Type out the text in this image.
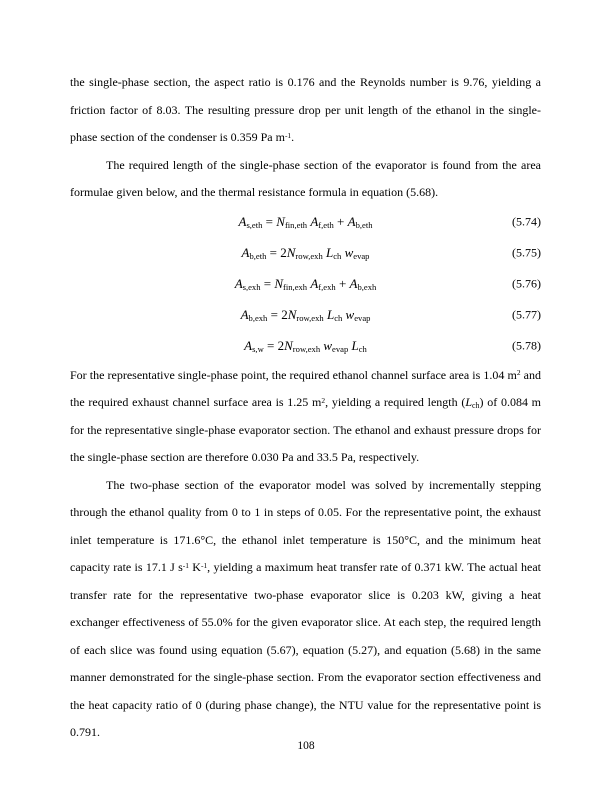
the single-phase section, the aspect ratio is 0.176 and the Reynolds number is 9.76, yielding a friction factor of 8.03. The resulting pressure drop per unit length of the ethanol in the single-phase section of the condenser is 0.359 Pa $m^{-1}$.

The required length of the single-phase section of the evaporator is found from the area formulae given below, and the thermal resistance formula in equation (5.68).

$A_{s,eth} = N_{fin,eth}$ $A_{f,eth} + A_{b,eth}$	(5.74)
$A_{b,eth} = 2N_{row,exh}$ $L_{ch}$ $w_{evap}$	(5.75)
$A_{s,exh} = N_{fin,exh}$ $A_{f,exh} + A_{b,exh}$	(5.76)
$A_{b,exh} = 2N_{row,exh}$ $L_{ch}$ $w_{evap}$	(5.77)
$A_{s,w} = 2N_{row,exh}$ $w_{evap}$ $L_{ch}$	(5.78)

For the representative single-phase point, the required ethanol channel surface area is 1.04 $m^2$ and the required exhaust channel surface area is 1.25 $m^2$, yielding a required length $(L_{ch})$ of 0.084 m for the representative single-phase evaporator section. The ethanol and exhaust pressure drops for the single-phase section are therefore 0.030 Pa and 33.5 Pa, respectively.

The two-phase section of the evaporator model was solved by incrementally stepping through the ethanol quality from 0 to 1 in steps of 0.05. For the representative point, the exhaust inlet temperature is 171.6°C, the ethanol inlet temperature is 150°C, and the minimum heat capacity rate is 17.1 J $s^{-1}$ $K^{-1}$, yielding a maximum heat transfer rate of 0.371 kW. The actual heat transfer rate for the representative two-phase evaporator slice is 0.203 kW, giving a heat exchanger effectiveness of 55.0% for the given evaporator slice. At each step, the required length of each slice was found using equation (5.67), equation (5.27), and equation (5.68) in the same manner demonstrated for the single-phase section. From the evaporator section effectiveness and the heat capacity ratio of 0 (during phase change), the NTU value for the representative point is 0.791.

108
